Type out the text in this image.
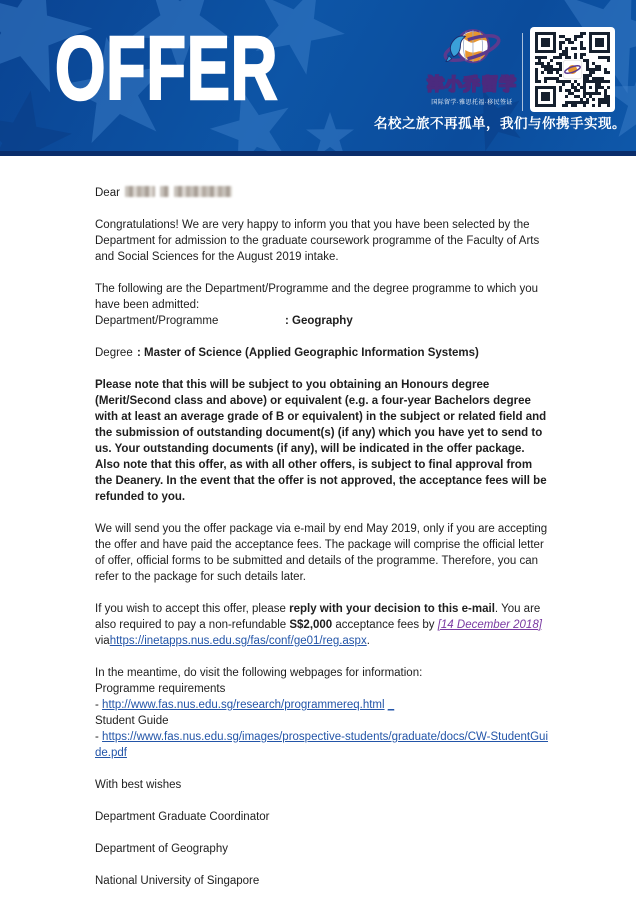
OFFER	津小乔留学
国际留学·雅思托福·移民签证
名校之旅不再孤单，我们与你携手实现。

Dear

Congratulations! We are very happy to inform you that you have been selected by the Department for admission to the graduate coursework programme of the Faculty of Arts and Social Sciences for the August 2019 intake.

The following are the Department/Programme and the degree programme to which you have been admitted:

Department/Programme	: Geography

Degree : Master of Science (Applied Geographic Information Systems)

Please note that this will be subject to you obtaining an Honours degree (Merit/Second class and above) or equivalent (e.g. a four-year Bachelors degree with at least an average grade of B or equivalent) in the subject or related field and the submission of outstanding document(s) (if any) which you have yet to send to us. Your outstanding documents (if any), will be indicated in the offer package. Also note that this offer, as with all other offers, is subject to final approval from the Deanery. In the event that the offer is not approved, the acceptance fees will be refunded to you.

We will send you the offer package via e-mail by end May 2019, only if you are accepting the offer and have paid the acceptance fees. The package will comprise the official letter of offer, official forms to be submitted and details of the programme. Therefore, you can refer to the package for such details later.

If you wish to accept this offer, please reply with your decision to this e-mail. You are also required to pay a non-refundable S$2,000 acceptance fees by [14 December 2018] viahttps://inetapps.nus.edu.sg/fas/conf/ge01/reg.aspx.

In the meantime, do visit the following webpages for information:

Programme requirements

- http://www.fas.nus.edu.sg/research/programmereq.html _

Student Guide

- https://www.fas.nus.edu.sg/images/prospective-students/graduate/docs/CW-StudentGuide.pdf

With best wishes

Department Graduate Coordinator

Department of Geography

National University of Singapore
